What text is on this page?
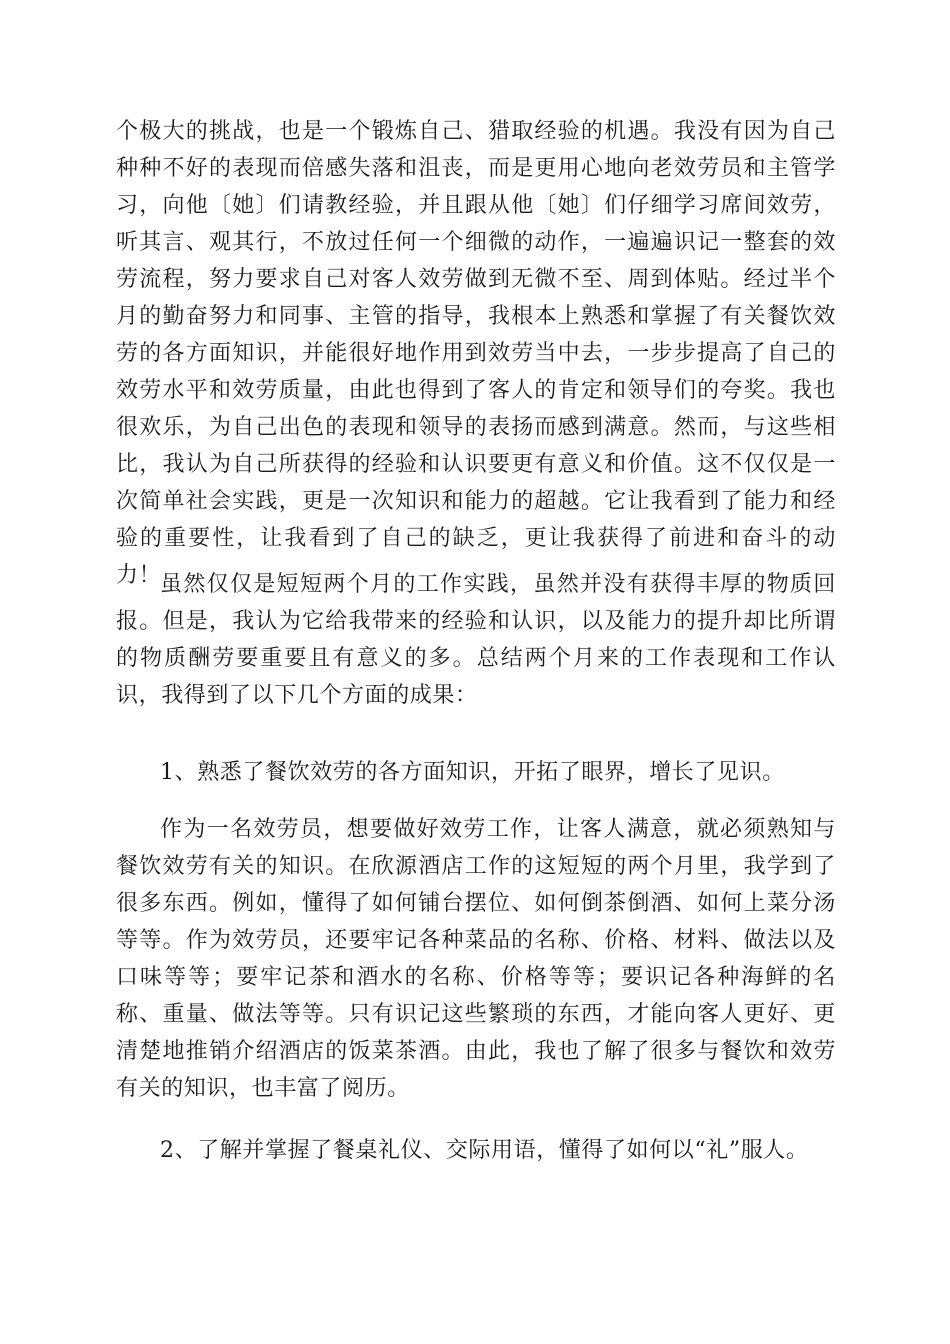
个极大的挑战，也是一个锻炼自己、猎取经验的机遇。我没有因为自己种种不好的表现而倍感失落和沮丧，而是更用心地向老效劳员和主管学习，向他〔她〕们请教经验，并且跟从他〔她〕们仔细学习席间效劳，听其言、观其行，不放过任何一个细微的动作，一遍遍识记一整套的效劳流程，努力要求自己对客人效劳做到无微不至、周到体贴。经过半个月的勤奋努力和同事、主管的指导，我根本上熟悉和掌握了有关餐饮效劳的各方面知识，并能很好地作用到效劳当中去，一步步提高了自己的效劳水平和效劳质量，由此也得到了客人的肯定和领导们的夸奖。我也很欢乐，为自己出色的表现和领导的表扬而感到满意。然而，与这些相比，我认为自己所获得的经验和认识要更有意义和价值。这不仅仅是一次简单社会实践，更是一次知识和能力的超越。它让我看到了能力和经验的重要性，让我看到了自己的缺乏，更让我获得了前进和奋斗的动力！
虽然仅仅是短短两个月的工作实践，虽然并没有获得丰厚的物质回报。但是，我认为它给我带来的经验和认识，以及能力的提升却比所谓的物质酬劳要重要且有意义的多。总结两个月来的工作表现和工作认识，我得到了以下几个方面的成果：
1、熟悉了餐饮效劳的各方面知识，开拓了眼界，增长了见识。
作为一名效劳员，想要做好效劳工作，让客人满意，就必须熟知与餐饮效劳有关的知识。在欣源酒店工作的这短短的两个月里，我学到了很多东西。例如，懂得了如何铺台摆位、如何倒茶倒酒、如何上菜分汤等等。作为效劳员，还要牢记各种菜品的名称、价格、材料、做法以及口味等等；要牢记茶和酒水的名称、价格等等；要识记各种海鲜的名称、重量、做法等等。只有识记这些繁琐的东西，才能向客人更好、更清楚地推销介绍酒店的饭菜茶酒。由此，我也了解了很多与餐饮和效劳有关的知识，也丰富了阅历。
2、了解并掌握了餐桌礼仪、交际用语，懂得了如何以“礼”服人。
